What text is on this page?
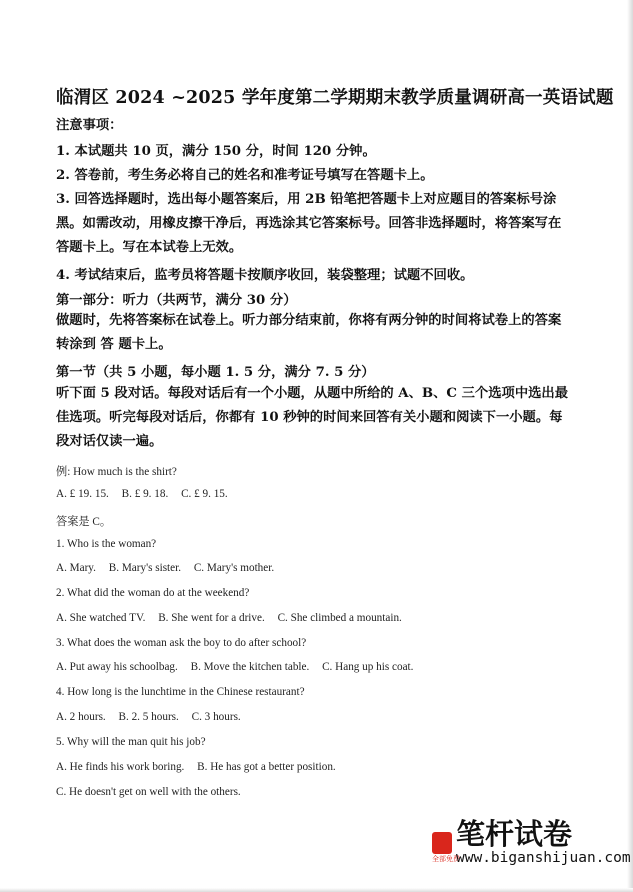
临渭区 2024 ~2025 学年度第二学期期末教学质量调研高一英语试题
注意事项：
1. 本试题共 10 页，满分 150 分，时间 120 分钟。
2. 答卷前，考生务必将自己的姓名和准考证号填写在答题卡上。
3. 回答选择题时，选出每小题答案后，用 2B 铅笔把答题卡上对应题目的答案标号涂黑。如需改动，用橡皮擦干净后，再选涂其它答案标号。回答非选择题时，将答案写在答题卡上。写在本试卷上无效。
4. 考试结束后，监考员将答题卡按顺序收回，装袋整理；试题不回收。
第一部分：听力（共两节，满分 30 分）
做题时，先将答案标在试卷上。听力部分结束前，你将有两分钟的时间将试卷上的答案转涂到 答 题卡上。
第一节（共 5 小题，每小题 1. 5 分，满分 7. 5 分）
听下面 5 段对话。每段对话后有一个小题，从题中所给的 A、B、C 三个选项中选出最佳选项。听完每段对话后，你都有 10 秒钟的时间来回答有关小题和阅读下一小题。每段对话仅读一遍。
例: How much is the shirt?
A. £ 19. 15. B. £ 9. 18. C. £ 9. 15.
答案是 C。
1. Who is the woman?
A. Mary. B. Mary's sister. C. Mary's mother.
2. What did the woman do at the weekend?
A. She watched TV. B. She went for a drive. C. She climbed a mountain.
3. What does the woman ask the boy to do after school?
A. Put away his schoolbag. B. Move the kitchen table. C. Hang up his coat.
4. How long is the lunchtime in the Chinese restaurant?
A. 2 hours. B. 2. 5 hours. C. 3 hours.
5. Why will the man quit his job?
A. He finds his work boring. B. He has got a better position.
C. He doesn't get on well with the others.
全部免费
笔杆试卷
www.biganshijuan.com
